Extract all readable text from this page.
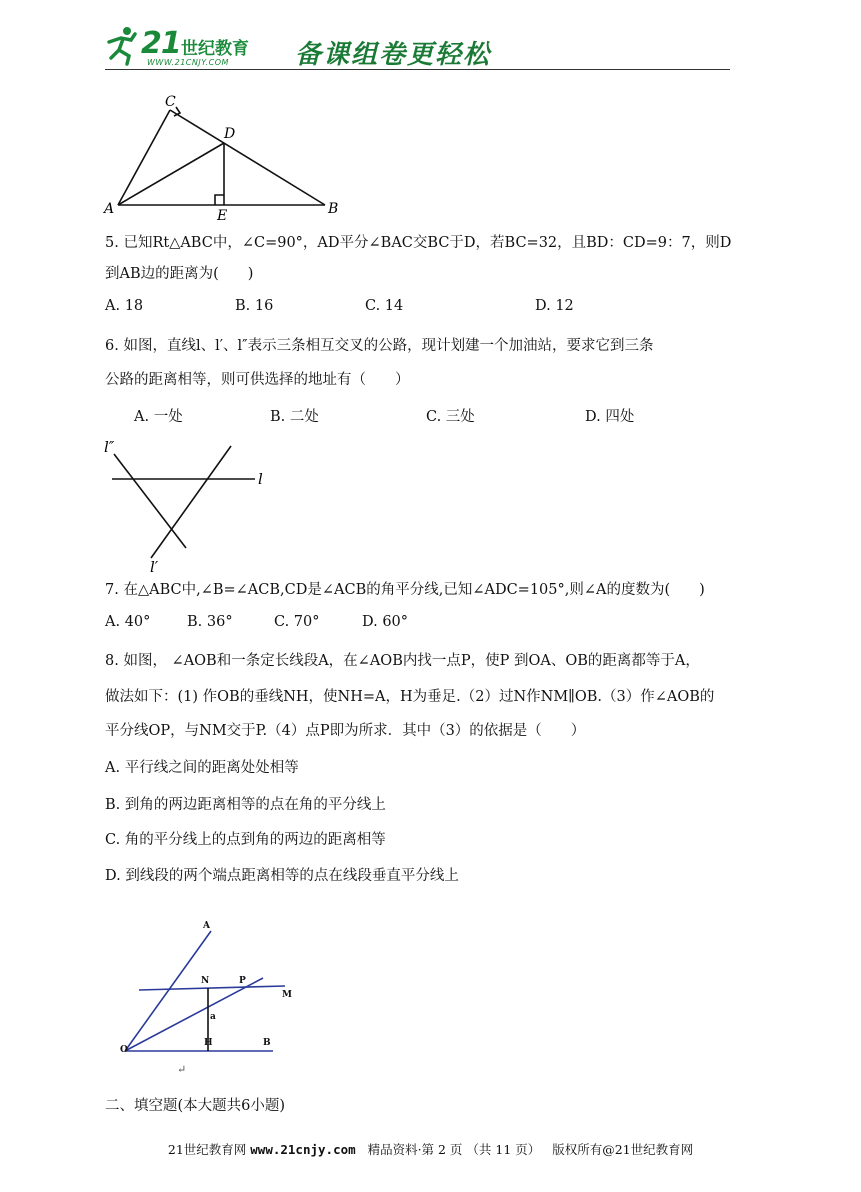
21 世纪教育
WWW.21CNJY.COM	备课组卷更轻松
A	B
C
D
E
5. 已知Rt△ABC中，∠C=90°，AD平分∠BAC交BC于D，若BC=32，且BD：CD=9：7，则D
到AB边的距离为(　　)
A. 18	B. 16	C. 14	D. 12
6. 如图，直线l、l′、l″表示三条相互交叉的公路，现计划建一个加油站，要求它到三条
公路的距离相等，则可供选择的地址有（　　）
A. 一处	B. 二处	C. 三处	D. 四处
l″
l
l′
7. 在△ABC中,∠B=∠ACB,CD是∠ACB的角平分线,已知∠ADC=105°,则∠A的度数为(　　)
A. 40°	B. 36°	C. 70°	D. 60°
8. 如图， ∠AOB和一条定长线段A，在∠AOB内找一点P，使P 到OA、OB的距离都等于A，
做法如下：(1) 作OB的垂线NH，使NH=A，H为垂足.（2）过N作NM∥OB.（3）作∠AOB的
平分线OP，与NM交于P.（4）点P即为所求．其中（3）的依据是（　　）
A. 平行线之间的距离处处相等
B. 到角的两边距离相等的点在角的平分线上
C. 角的平分线上的点到角的两边的距离相等
D. 到线段的两个端点距离相等的点在线段垂直平分线上
A
N	P
M
a
O
H	B
↵
二、填空题(本大题共6小题)
21世纪教育网 www.21cnjy.com 精品资料·第 2 页 （共 11 页） 版权所有@21世纪教育网
